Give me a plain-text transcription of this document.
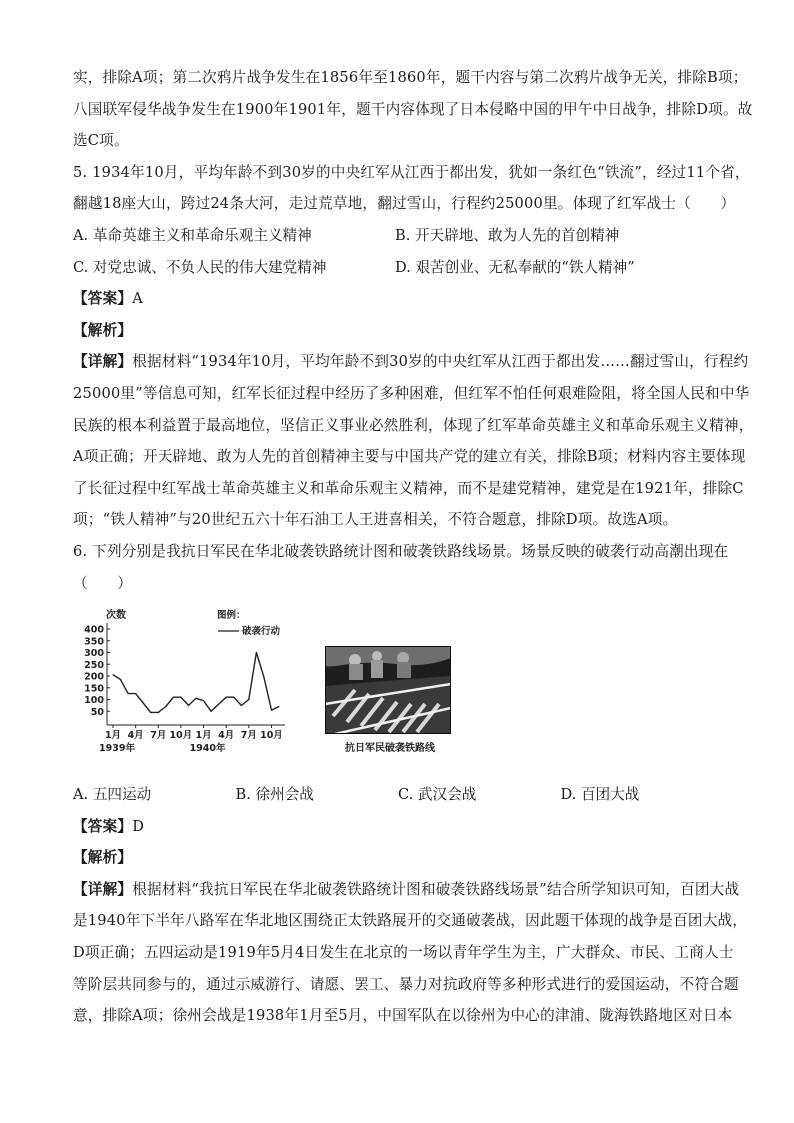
实，排除A项；第二次鸦片战争发生在1856年至1860年，题干内容与第二次鸦片战争无关，排除B项；
八国联军侵华战争发生在1900年1901年，题干内容体现了日本侵略中国的甲午中日战争，排除D项。故
选C项。
5. 1934年10月，平均年龄不到30岁的中央红军从江西于都出发，犹如一条红色“铁流”，经过11个省，
翻越18座大山，跨过24条大河，走过荒草地，翻过雪山，行程约25000里。体现了红军战士（　　）
A. 革命英雄主义和革命乐观主义精神	B. 开天辟地、敢为人先的首创精神
C. 对党忠诚、不负人民的伟大建党精神	D. 艰苦创业、无私奉献的“铁人精神”
【答案】A
【解析】
【详解】根据材料“1934年10月，平均年龄不到30岁的中央红军从江西于都出发……翻过雪山，行程约
25000里”等信息可知，红军长征过程中经历了多种困难，但红军不怕任何艰难险阻，将全国人民和中华
民族的根本利益置于最高地位，坚信正义事业必然胜利，体现了红军革命英雄主义和革命乐观主义精神，
A项正确；开天辟地、敢为人先的首创精神主要与中国共产党的建立有关，排除B项；材料内容主要体现
了长征过程中红军战士革命英雄主义和革命乐观主义精神，而不是建党精神，建党是在1921年，排除C
项；“铁人精神”与20世纪五六十年石油工人王进喜相关，不符合题意，排除D项。故选A项。
6. 下列分别是我抗日军民在华北破袭铁路统计图和破袭铁路线场景。场景反映的破袭行动高潮出现在
（　　）
次数	图例：
破袭行动
50
100
150
200
250
300
350
400
1月 4月 7月 10月 1月 4月 7月 10月
1939年	1940年	抗日军民破袭铁路线
A. 五四运动	B. 徐州会战	C. 武汉会战	D. 百团大战
【答案】D
【解析】
【详解】根据材料“我抗日军民在华北破袭铁路统计图和破袭铁路线场景”结合所学知识可知，百团大战
是1940年下半年八路军在华北地区围绕正太铁路展开的交通破袭战，因此题干体现的战争是百团大战，
D项正确；五四运动是1919年5月4日发生在北京的一场以青年学生为主，广大群众、市民、工商人士
等阶层共同参与的，通过示威游行、请愿、罢工、暴力对抗政府等多种形式进行的爱国运动，不符合题
意，排除A项；徐州会战是1938年1月至5月，中国军队在以徐州为中心的津浦、陇海铁路地区对日本
